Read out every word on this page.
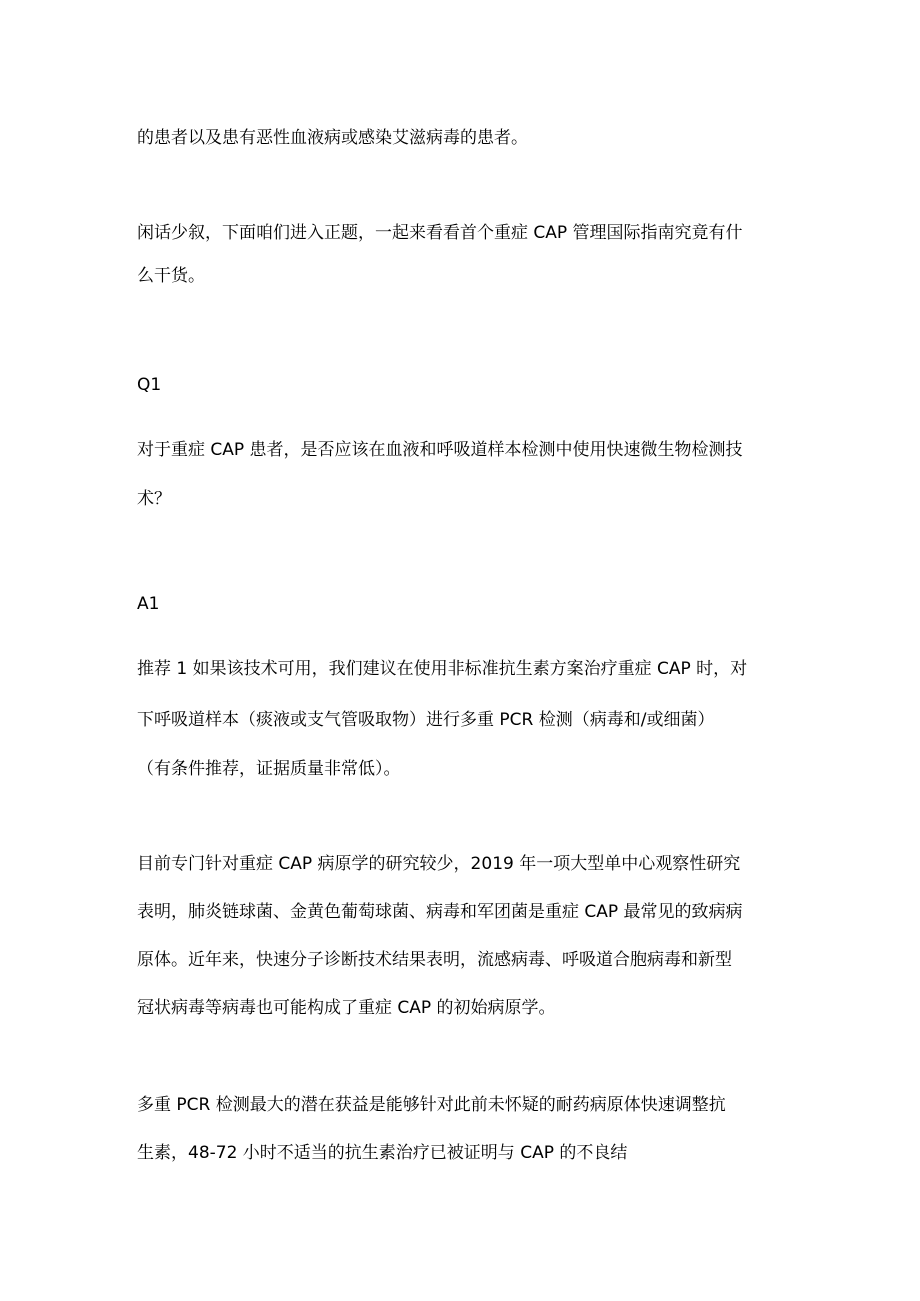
的患者以及患有恶性血液病或感染艾滋病毒的患者。
闲话少叙，下面咱们进入正题，一起来看看首个重症 CAP 管理国际指南究竟有什
么干货。
Q1
对于重症 CAP 患者，是否应该在血液和呼吸道样本检测中使用快速微生物检测技
术？
A1
推荐 1 如果该技术可用，我们建议在使用非标准抗生素方案治疗重症 CAP 时，对
下呼吸道样本（痰液或支气管吸取物）进行多重 PCR 检测（病毒和/或细菌）
（有条件推荐，证据质量非常低）。
目前专门针对重症 CAP 病原学的研究较少，2019 年一项大型单中心观察性研究
表明，肺炎链球菌、金黄色葡萄球菌、病毒和军团菌是重症 CAP 最常见的致病病
原体。近年来，快速分子诊断技术结果表明，流感病毒、呼吸道合胞病毒和新型
冠状病毒等病毒也可能构成了重症 CAP 的初始病原学。
多重 PCR 检测最大的潜在获益是能够针对此前未怀疑的耐药病原体快速调整抗
生素，48-72 小时不适当的抗生素治疗已被证明与 CAP 的不良结
